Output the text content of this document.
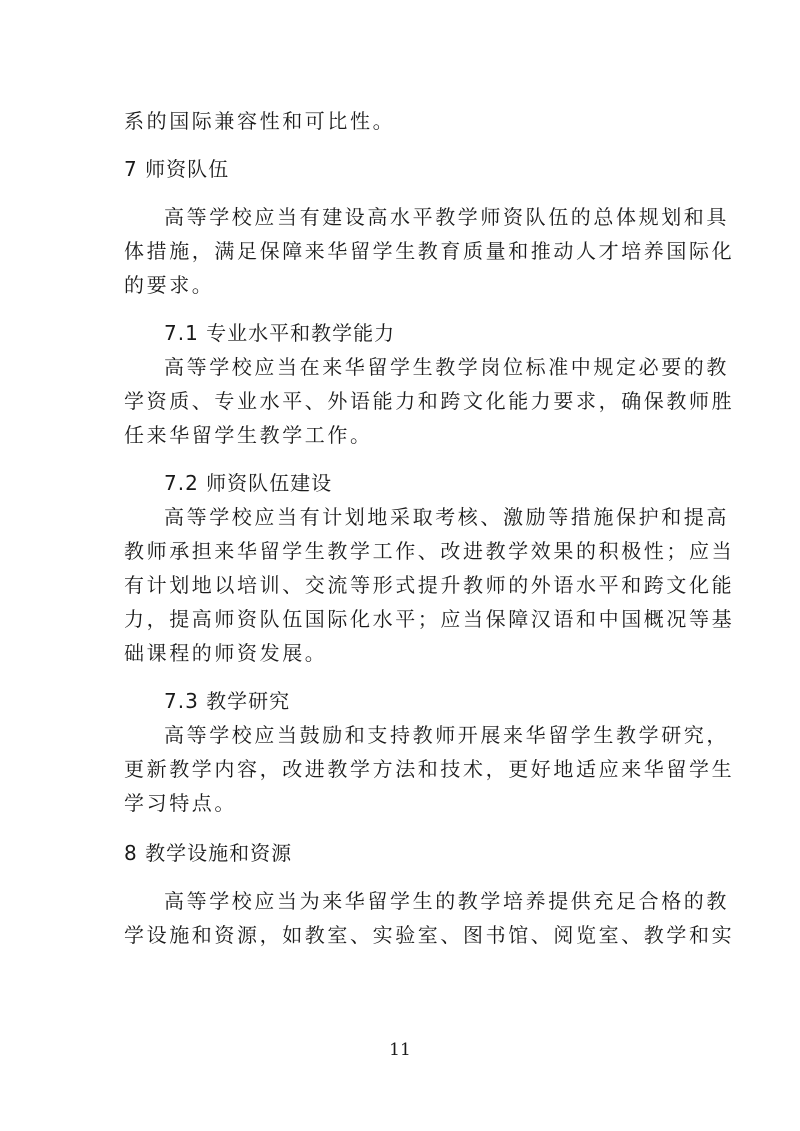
系的国际兼容性和可比性。
7 师资队伍
高等学校应当有建设高水平教学师资队伍的总体规划和具
体措施，满足保障来华留学生教育质量和推动人才培养国际化
的要求。
7.1 专业水平和教学能力
高等学校应当在来华留学生教学岗位标准中规定必要的教
学资质、专业水平、外语能力和跨文化能力要求，确保教师胜
任来华留学生教学工作。
7.2 师资队伍建设
高等学校应当有计划地采取考核、激励等措施保护和提高
教师承担来华留学生教学工作、改进教学效果的积极性；应当
有计划地以培训、交流等形式提升教师的外语水平和跨文化能
力，提高师资队伍国际化水平；应当保障汉语和中国概况等基
础课程的师资发展。
7.3 教学研究
高等学校应当鼓励和支持教师开展来华留学生教学研究，
更新教学内容，改进教学方法和技术，更好地适应来华留学生
学习特点。
8 教学设施和资源
高等学校应当为来华留学生的教学培养提供充足合格的教
学设施和资源，如教室、实验室、图书馆、阅览室、教学和实
11
